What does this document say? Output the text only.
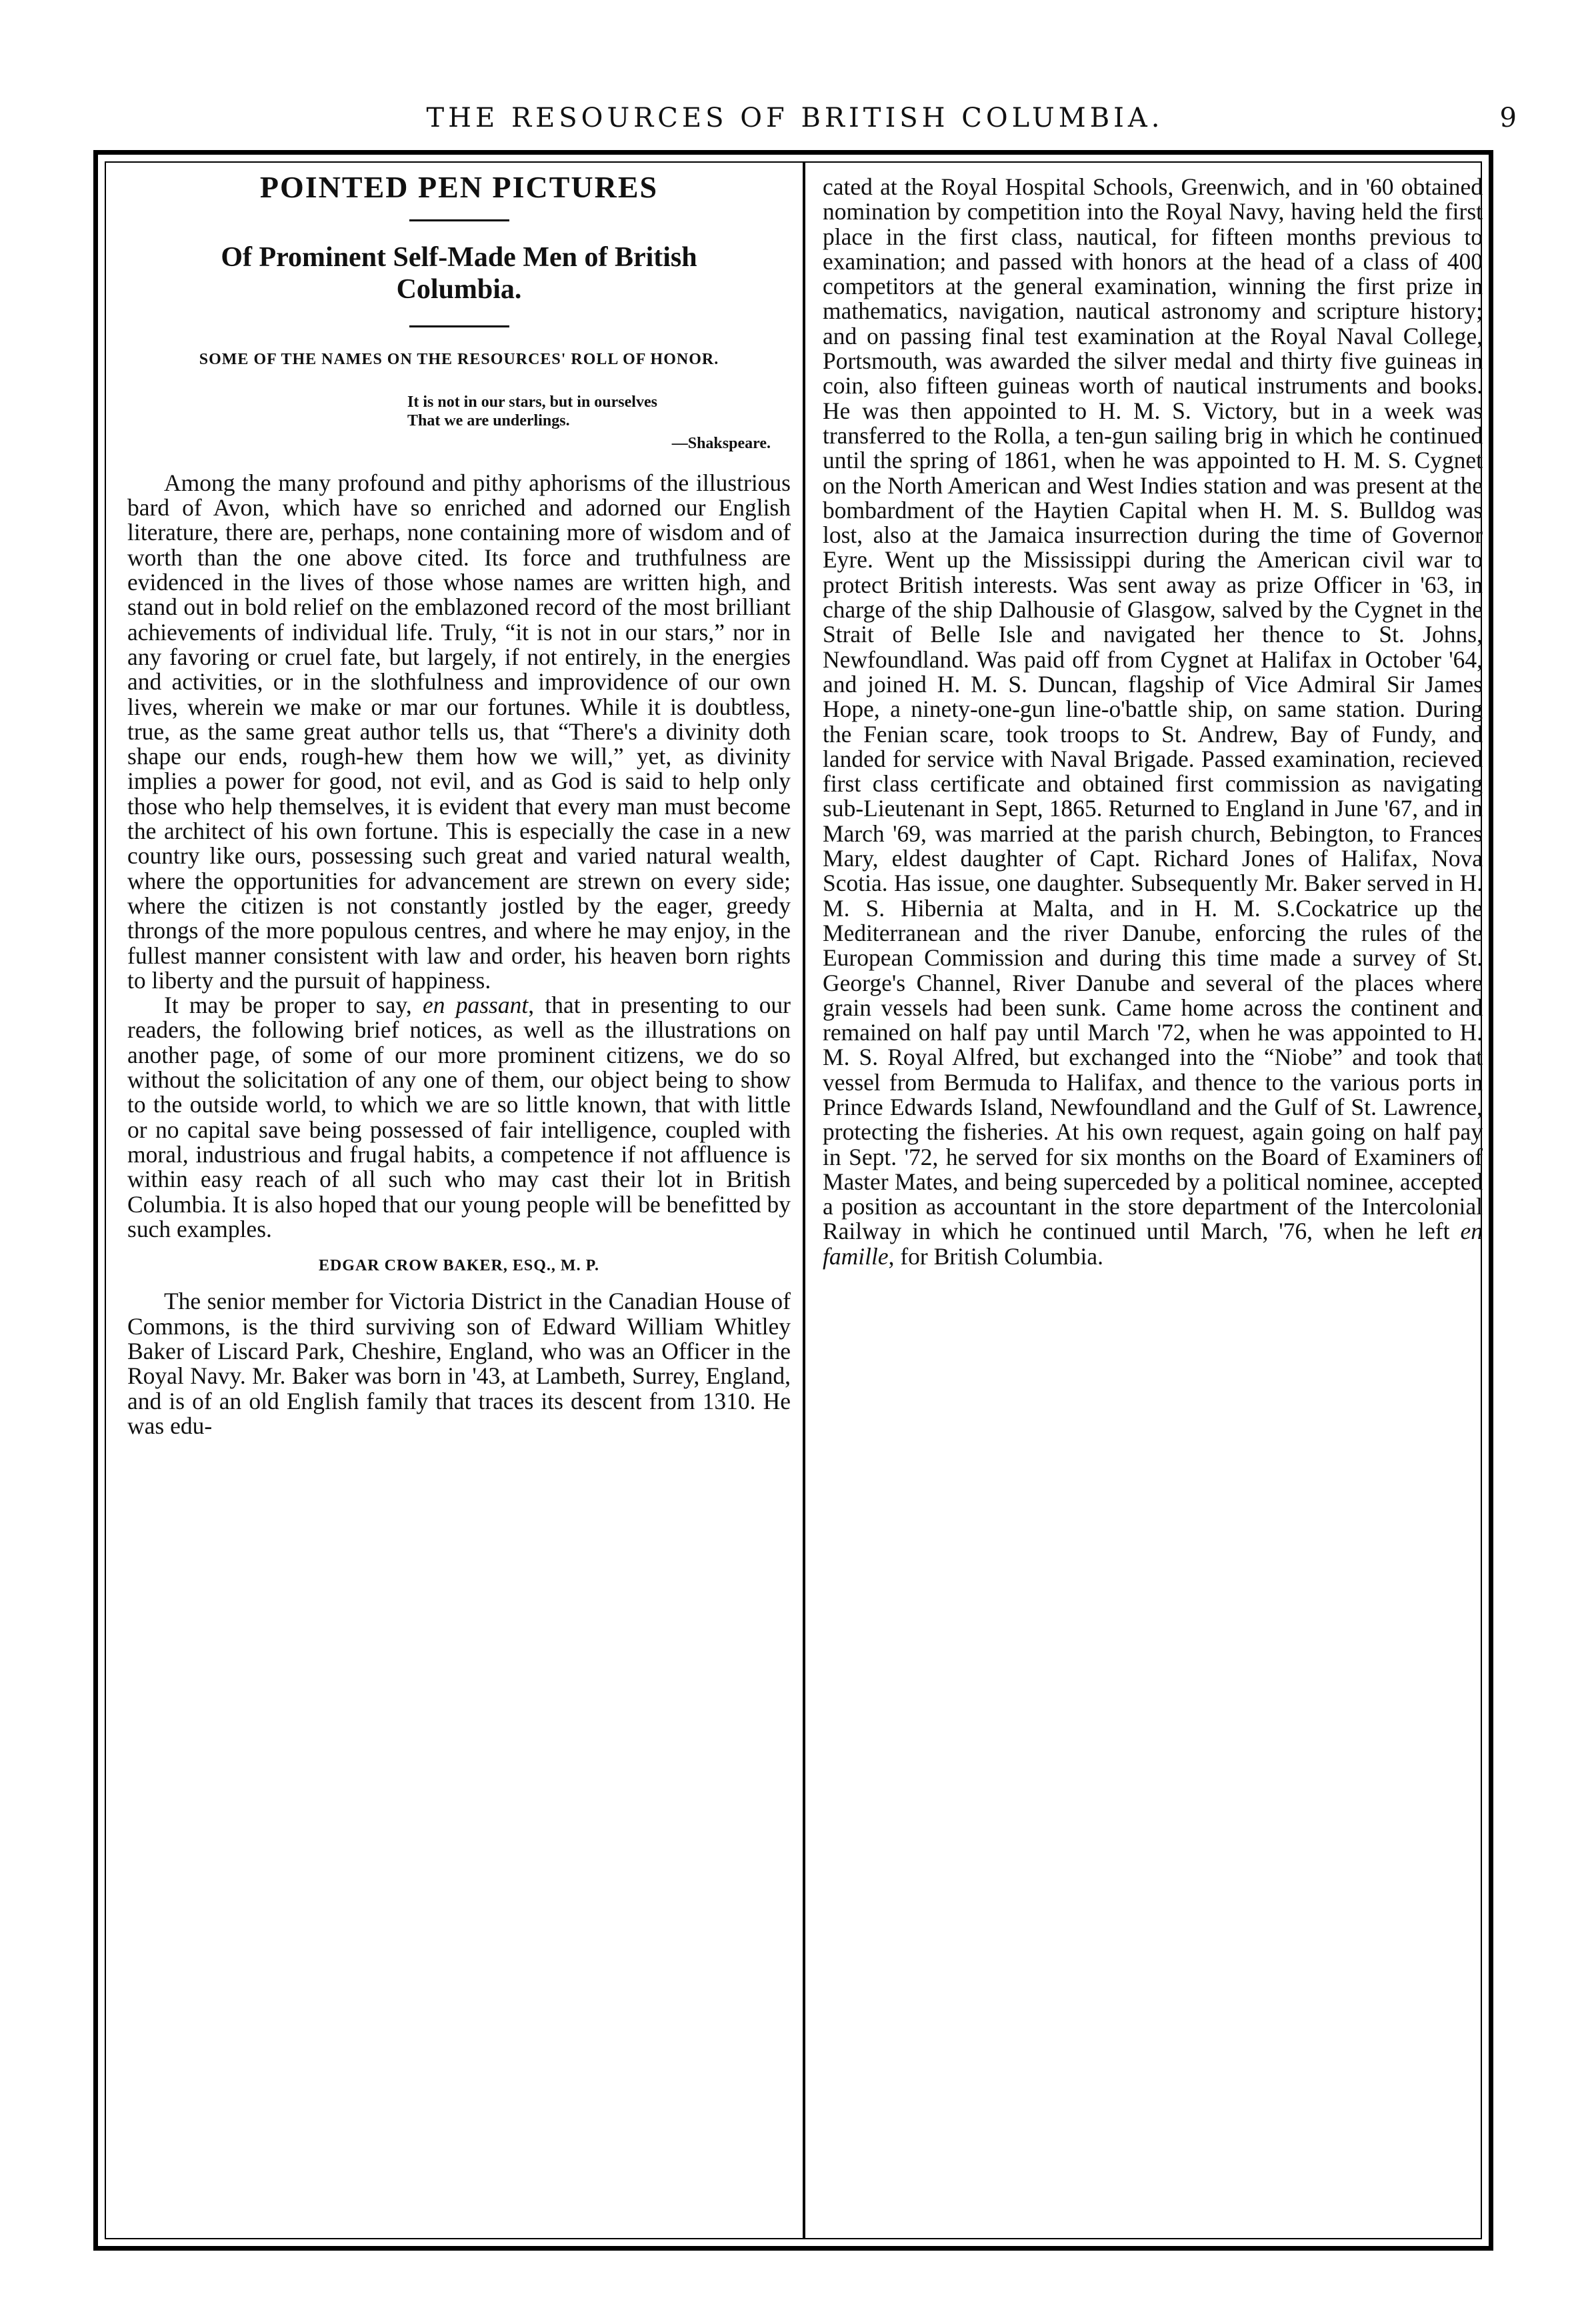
THE RESOURCES OF BRITISH COLUMBIA.	9
POINTED PEN PICTURES
Of Prominent Self-Made Men of British Columbia.
SOME OF THE NAMES ON THE RESOURCES' ROLL OF HONOR.
It is not in our stars, but in ourselves
That we are underlings.
—Shakspeare.

Among the many profound and pithy aphorisms of the illustrious bard of Avon, which have so enriched and adorned our English literature, there are, perhaps, none containing more of wisdom and of worth than the one above cited. Its force and truthfulness are evidenced in the lives of those whose names are written high, and stand out in bold relief on the emblazoned record of the most brilliant achievements of individual life. Truly, “it is not in our stars,” nor in any favoring or cruel fate, but largely, if not entirely, in the energies and activities, or in the slothfulness and improvidence of our own lives, wherein we make or mar our fortunes. While it is doubtless, true, as the same great author tells us, that “There's a divinity doth shape our ends, rough-hew them how we will,” yet, as divinity implies a power for good, not evil, and as God is said to help only those who help themselves, it is evident that every man must become the architect of his own fortune. This is especially the case in a new country like ours, possessing such great and varied natural wealth, where the opportunities for advancement are strewn on every side; where the citizen is not constantly jostled by the eager, greedy throngs of the more populous centres, and where he may enjoy, in the fullest manner consistent with law and order, his heaven born rights to liberty and the pursuit of happiness.

It may be proper to say, en passant, that in presenting to our readers, the following brief notices, as well as the illustrations on another page, of some of our more prominent citizens, we do so without the solicitation of any one of them, our object being to show to the outside world, to which we are so little known, that with little or no capital save being possessed of fair intelligence, coupled with moral, industrious and frugal habits, a competence if not affluence is within easy reach of all such who may cast their lot in British Columbia. It is also hoped that our young people will be benefitted by such examples.

EDGAR CROW BAKER, ESQ., M. P.

The senior member for Victoria District in the Canadian House of Commons, is the third surviving son of Edward William Whitley Baker of Liscard Park, Cheshire, England, who was an Officer in the Royal Navy. Mr. Baker was born in '43, at Lambeth, Surrey, England, and is of an old English family that traces its descent from 1310. He was edu-

cated at the Royal Hospital Schools, Greenwich, and in '60 obtained nomination by competition into the Royal Navy, having held the first place in the first class, nautical, for fifteen months previous to examination; and passed with honors at the head of a class of 400 competitors at the general examination, winning the first prize in mathematics, navigation, nautical astronomy and scripture history; and on passing final test examination at the Royal Naval College, Portsmouth, was awarded the silver medal and thirty five guineas in coin, also fifteen guineas worth of nautical instruments and books. He was then appointed to H. M. S. Victory, but in a week was transferred to the Rolla, a ten-gun sailing brig in which he continued until the spring of 1861, when he was appointed to H. M. S. Cygnet on the North American and West Indies station and was present at the bombardment of the Haytien Capital when H. M. S. Bulldog was lost, also at the Jamaica insurrection during the time of Governor Eyre. Went up the Mississippi during the American civil war to protect British interests. Was sent away as prize Officer in '63, in charge of the ship Dalhousie of Glasgow, salved by the Cygnet in the Strait of Belle Isle and navigated her thence to St. Johns, Newfoundland. Was paid off from Cygnet at Halifax in October '64, and joined H. M. S. Duncan, flagship of Vice Admiral Sir James Hope, a ninety-one-gun line-o'battle ship, on same station. During the Fenian scare, took troops to St. Andrew, Bay of Fundy, and landed for service with Naval Brigade. Passed examination, recieved first class certificate and obtained first commission as navigating sub-Lieutenant in Sept, 1865. Returned to England in June '67, and in March '69, was married at the parish church, Bebington, to Frances Mary, eldest daughter of Capt. Richard Jones of Halifax, Nova Scotia. Has issue, one daughter. Subsequently Mr. Baker served in H. M. S. Hibernia at Malta, and in H. M. S.Cockatrice up the Mediterranean and the river Danube, enforcing the rules of the European Commission and during this time made a survey of St. George's Channel, River Danube and several of the places where grain vessels had been sunk. Came home across the continent and remained on half pay until March '72, when he was appointed to H. M. S. Royal Alfred, but exchanged into the “Niobe” and took that vessel from Bermuda to Halifax, and thence to the various ports in Prince Edwards Island, Newfoundland and the Gulf of St. Lawrence, protecting the fisheries. At his own request, again going on half pay in Sept. '72, he served for six months on the Board of Examiners of Master Mates, and being superceded by a political nominee, accepted a position as accountant in the store department of the Intercolonial Railway in which he continued until March, '76, when he left en famille, for British Columbia.
